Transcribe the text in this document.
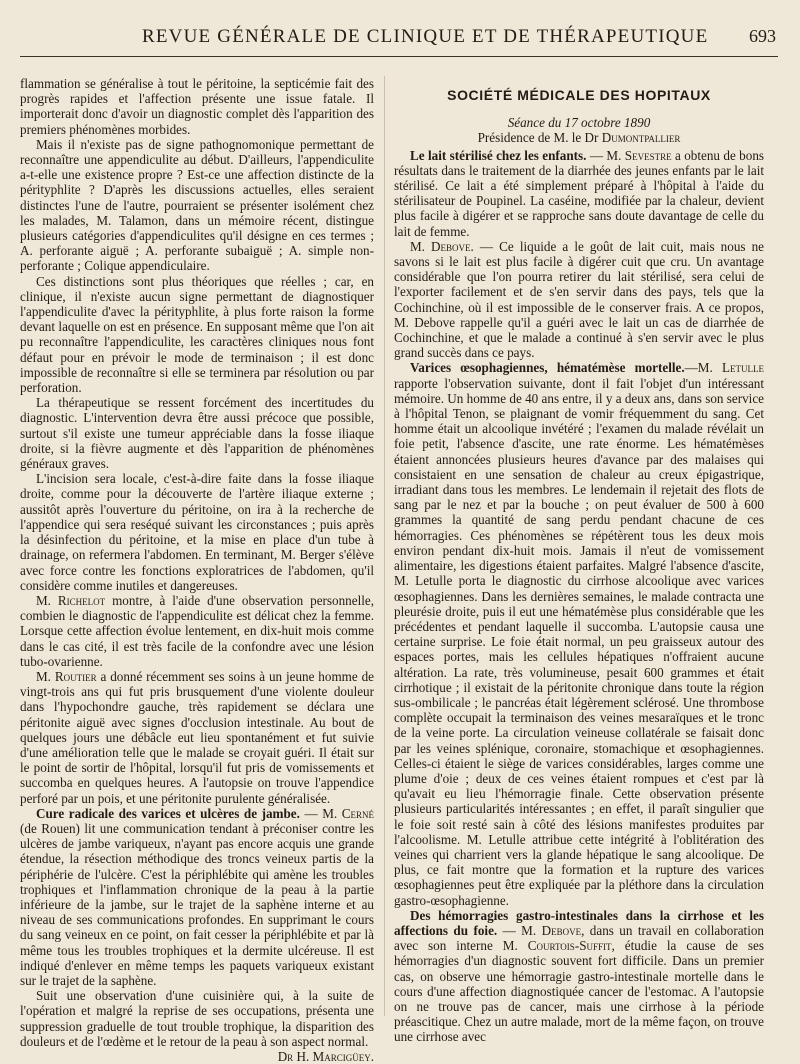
REVUE GÉNÉRALE DE CLINIQUE ET DE THÉRAPEUTIQUE 693

flammation se généralise à tout le péritoine, la septicémie fait des progrès rapides et l'affection présente une issue fatale. Il importerait donc d'avoir un diagnostic complet dès l'apparition des premiers phénomènes morbides.

Mais il n'existe pas de signe pathognomonique permettant de reconnaître une appendiculite au début. D'ailleurs, l'appendiculite a-t-elle une existence propre ? Est-ce une affection distincte de la pérityphlite ? D'après les discussions actuelles, elles seraient distinctes l'une de l'autre, pourraient se présenter isolément chez les malades, M. Talamon, dans un mémoire récent, distingue plusieurs catégories d'appendiculites qu'il désigne en ces termes ; A. perforante aiguë ; A. perforante subaiguë ; A. simple non-perforante ; Colique appendiculaire.

Ces distinctions sont plus théoriques que réelles ; car, en clinique, il n'existe aucun signe permettant de diagnostiquer l'appendiculite d'avec la pérityphlite, à plus forte raison la forme devant laquelle on est en présence. En supposant même que l'on ait pu reconnaître l'appendiculite, les caractères cliniques nous font défaut pour en prévoir le mode de terminaison ; il est donc impossible de reconnaître si elle se terminera par résolution ou par perforation.

La thérapeutique se ressent forcément des incertitudes du diagnostic. L'intervention devra être aussi précoce que possible, surtout s'il existe une tumeur appréciable dans la fosse iliaque droite, si la fièvre augmente et dès l'apparition de phénomènes généraux graves.

L'incision sera locale, c'est-à-dire faite dans la fosse iliaque droite, comme pour la découverte de l'artère iliaque externe ; aussitôt après l'ouverture du péritoine, on ira à la recherche de l'appendice qui sera reséqué suivant les circonstances ; puis après la désinfection du péritoine, et la mise en place d'un tube à drainage, on refermera l'abdomen. En terminant, M. Berger s'élève avec force contre les fonctions exploratrices de l'abdomen, qu'il considère comme inutiles et dangereuses.

M. Richelot montre, à l'aide d'une observation personnelle, combien le diagnostic de l'appendiculite est délicat chez la femme. Lorsque cette affection évolue lentement, en dix-huit mois comme dans le cas cité, il est très facile de la confondre avec une lésion tubo-ovarienne.

M. Routier a donné récemment ses soins à un jeune homme de vingt-trois ans qui fut pris brusquement d'une violente douleur dans l'hypochondre gauche, très rapidement se déclara une péritonite aiguë avec signes d'occlusion intestinale. Au bout de quelques jours une débâcle eut lieu spontanément et fut suivie d'une amélioration telle que le malade se croyait guéri. Il était sur le point de sortir de l'hôpital, lorsqu'il fut pris de vomissements et succomba en quelques heures. A l'autopsie on trouve l'appendice perforé par un pois, et une péritonite purulente généralisée.

Cure radicale des varices et ulcères de jambe. — M. Cerné (de Rouen) lit une communication tendant à préconiser contre les ulcères de jambe variqueux, n'ayant pas encore acquis une grande étendue, la résection méthodique des troncs veineux partis de la périphérie de l'ulcère. C'est la périphlébite qui amène les troubles trophiques et l'inflammation chronique de la peau à la partie inférieure de la jambe, sur le trajet de la saphène interne et au niveau de ses communications profondes. En supprimant le cours du sang veineux en ce point, on fait cesser la périphlébite et par là même tous les troubles trophiques et la dermite ulcéreuse. Il est indiqué d'enlever en même temps les paquets variqueux existant sur le trajet de la saphène.

Suit une observation d'une cuisinière qui, à la suite de l'opération et malgré la reprise de ses occupations, présenta une suppression graduelle de tout trouble trophique, la disparition des douleurs et de l'œdème et le retour de la peau à son aspect normal.

Dr H. Marcigüey.

SOCIÉTÉ MÉDICALE DES HOPITAUX

Séance du 17 octobre 1890

Présidence de M. le Dr Dumontpallier

Le lait stérilisé chez les enfants. — M. Sevestre a obtenu de bons résultats dans le traitement de la diarrhée des jeunes enfants par le lait stérilisé. Ce lait a été simplement préparé à l'hôpital à l'aide du stérilisateur de Poupinel. La caséine, modifiée par la chaleur, devient plus facile à digérer et se rapproche sans doute davantage de celle du lait de femme.

M. Debove. — Ce liquide a le goût de lait cuit, mais nous ne savons si le lait est plus facile à digérer cuit que cru. Un avantage considérable que l'on pourra retirer du lait stérilisé, sera celui de l'exporter facilement et de s'en servir dans des pays, tels que la Cochinchine, où il est impossible de le conserver frais. A ce propos, M. Debove rappelle qu'il a guéri avec le lait un cas de diarrhée de Cochinchine, et que le malade a continué à s'en servir avec le plus grand succès dans ce pays.

Varices œsophagiennes, hématémèse mortelle.—M. Letulle rapporte l'observation suivante, dont il fait l'objet d'un intéressant mémoire. Un homme de 40 ans entre, il y a deux ans, dans son service à l'hôpital Tenon, se plaignant de vomir fréquemment du sang. Cet homme était un alcoolique invétéré ; l'examen du malade révélait un foie petit, l'absence d'ascite, une rate énorme. Les hématémèses étaient annoncées plusieurs heures d'avance par des malaises qui consistaient en une sensation de chaleur au creux épigastrique, irradiant dans tous les membres. Le lendemain il rejetait des flots de sang par le nez et par la bouche ; on peut évaluer de 500 à 600 grammes la quantité de sang perdu pendant chacune de ces hémorragies. Ces phénomènes se répétèrent tous les deux mois environ pendant dix-huit mois. Jamais il n'eut de vomissement alimentaire, les digestions étaient parfaites. Malgré l'absence d'ascite, M. Letulle porta le diagnostic du cirrhose alcoolique avec varices œsophagiennes. Dans les dernières semaines, le malade contracta une pleurésie droite, puis il eut une hématémèse plus considérable que les précédentes et pendant laquelle il succomba. L'autopsie causa une certaine surprise. Le foie était normal, un peu graisseux autour des espaces portes, mais les cellules hépatiques n'offraient aucune altération. La rate, très volumineuse, pesait 600 grammes et était cirrhotique ; il existait de la péritonite chronique dans toute la région sus-ombilicale ; le pancréas était légèrement sclérosé. Une thrombose complète occupait la terminaison des veines mesaraïques et le tronc de la veine porte. La circulation veineuse collatérale se faisait donc par les veines splénique, coronaire, stomachique et œsophagiennes. Celles-ci étaient le siège de varices considérables, larges comme une plume d'oie ; deux de ces veines étaient rompues et c'est par là qu'avait eu lieu l'hémorragie finale. Cette observation présente plusieurs particularités intéressantes ; en effet, il paraît singulier que le foie soit resté sain à côté des lésions manifestes produites par l'alcoolisme. M. Letulle attribue cette intégrité à l'oblitération des veines qui charrient vers la glande hépatique le sang alcoolique. De plus, ce fait montre que la formation et la rupture des varices œsophagiennes peut être expliquée par la pléthore dans la circulation gastro-œsophagienne.

Des hémorragies gastro-intestinales dans la cirrhose et les affections du foie. — M. Debove, dans un travail en collaboration avec son interne M. Courtois-Suffit, étudie la cause de ses hémorragies d'un diagnostic souvent fort difficile. Dans un premier cas, on observe une hémorragie gastro-intestinale mortelle dans le cours d'une affection diagnostiquée cancer de l'estomac. A l'autopsie on ne trouve pas de cancer, mais une cirrhose à la période préascitique. Chez un autre malade, mort de la même façon, on trouve une cirrhose avec
